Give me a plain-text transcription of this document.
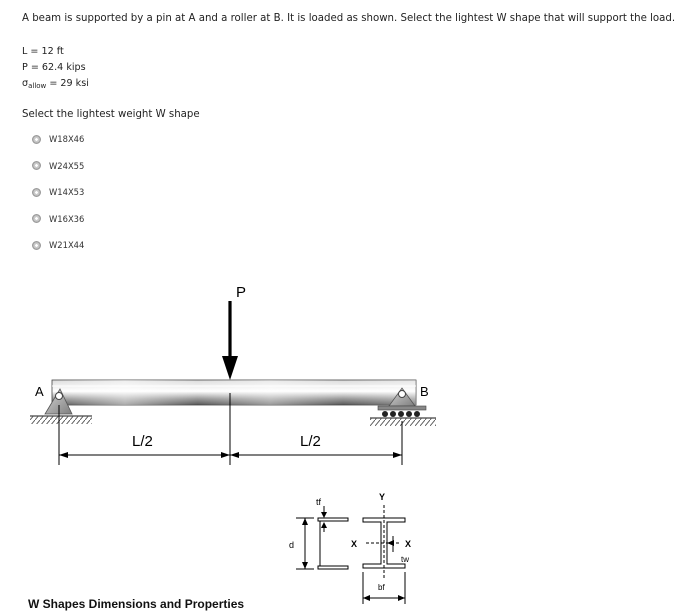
A beam is supported by a pin at A and a roller at B. It is loaded as shown. Select the lightest W shape that will support the load.
L = 12 ft
P = 62.4 kips
$\sigma_{allow} = 29$ ksi
Select the lightest weight W shape
W18X46
W24X55
W14X53
W16X36
W21X44
P
A	B
L/2	L/2
tf
d
Y
X	X
tw
bf
W Shapes Dimensions and Properties
